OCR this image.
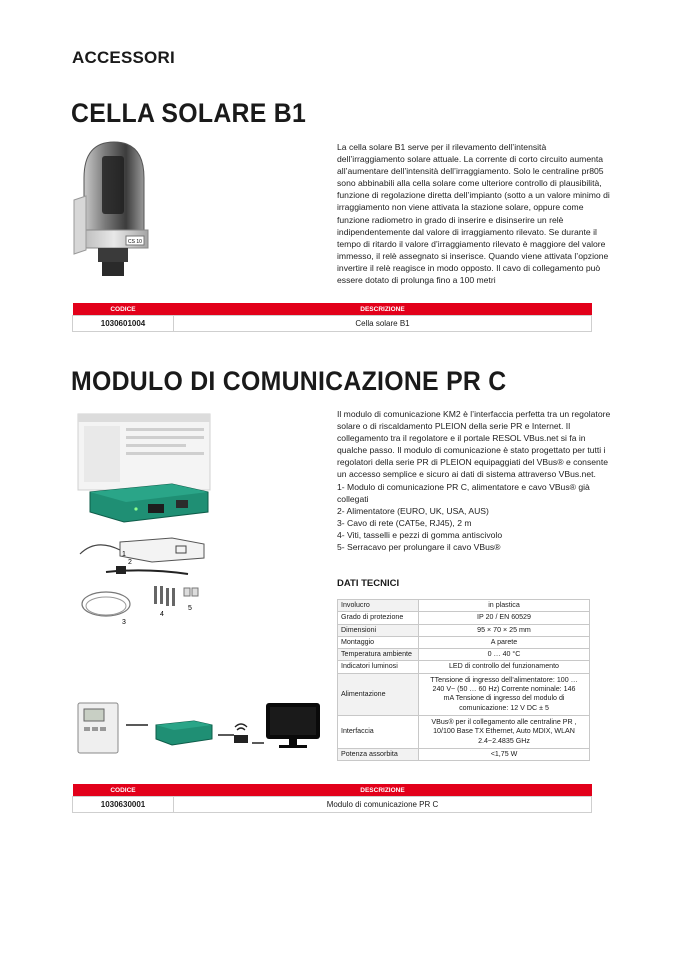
ACCESSORI
CELLA SOLARE B1
CS 10

La cella solare B1 serve per il rilevamento dell’intensità dell’irraggiamento solare attuale. La corrente di corto circuito aumenta all’aumentare dell’intensità dell’irraggiamento. Solo le centraline pr805 sono abbinabili alla cella solare come ulteriore controllo di plausibilità, funzione di regolazione diretta dell’impianto (sotto a un valore minimo di irraggiamento non viene attivata la stazione solare, oppure come funzione radiometro in grado di inserire e disinserire un relè indipendentemente dal valore di irraggiamento rilevato. Se durante il tempo di ritardo il valore d’irraggiamento rilevato è maggiore del valore immesso, il relè assegnato si inserisce. Quando viene attivata l’opzione invertire il relè reagisce in modo opposto. Il cavo di collegamento può essere dotato di prolunga fino a 100 metri

CODICE	DESCRIZIONE
1030601004	Cella solare B1
MODULO DI COMUNICAZIONE PR C
1
2
3
4
5

Il modulo di comunicazione KM2 è l’interfaccia perfetta tra un regolatore solare o di riscaldamento PLEION della serie PR e Internet. Il collegamento tra il regolatore e il portale RESOL VBus.net si fa in qualche passo. Il modulo di comunicazione è stato progettato per tutti i regolatori della serie PR di PLEION equipaggiati del VBus® e consente un accesso semplice e sicuro ai dati di sistema attraverso VBus.net.

1- Modulo di comunicazione PR C, alimentatore e cavo VBus® già collegati

2- Alimentatore (EURO, UK, USA, AUS)

3- Cavo di rete (CAT5e, RJ45), 2 m

4- Viti, tasselli e pezzi di gomma antiscivolo

5- Serracavo per prolungare il cavo VBus®

DATI TECNICI
Involucro	in plastica
Grado di protezione	IP 20 / EN 60529
Dimensioni	95 × 70 × 25 mm
Montaggio	A parete
Temperatura ambiente	0 … 40 °C
Indicatori luminosi	LED di controllo del funzionamento
Alimentazione	TTensione di ingresso dell’alimentatore: 100 … 240 V~ (50 … 60 Hz) Corrente nominale: 146 mA Tensione di ingresso del modulo di comunicazione: 12 V DC ± 5
Interfaccia	VBus® per il collegamento alle centraline PR , 10/100 Base TX Ethernet, Auto MDIX, WLAN 2.4~2.4835 GHz
Potenza assorbita	<1,75 W
CODICE	DESCRIZIONE
1030630001	Modulo di comunicazione PR C
